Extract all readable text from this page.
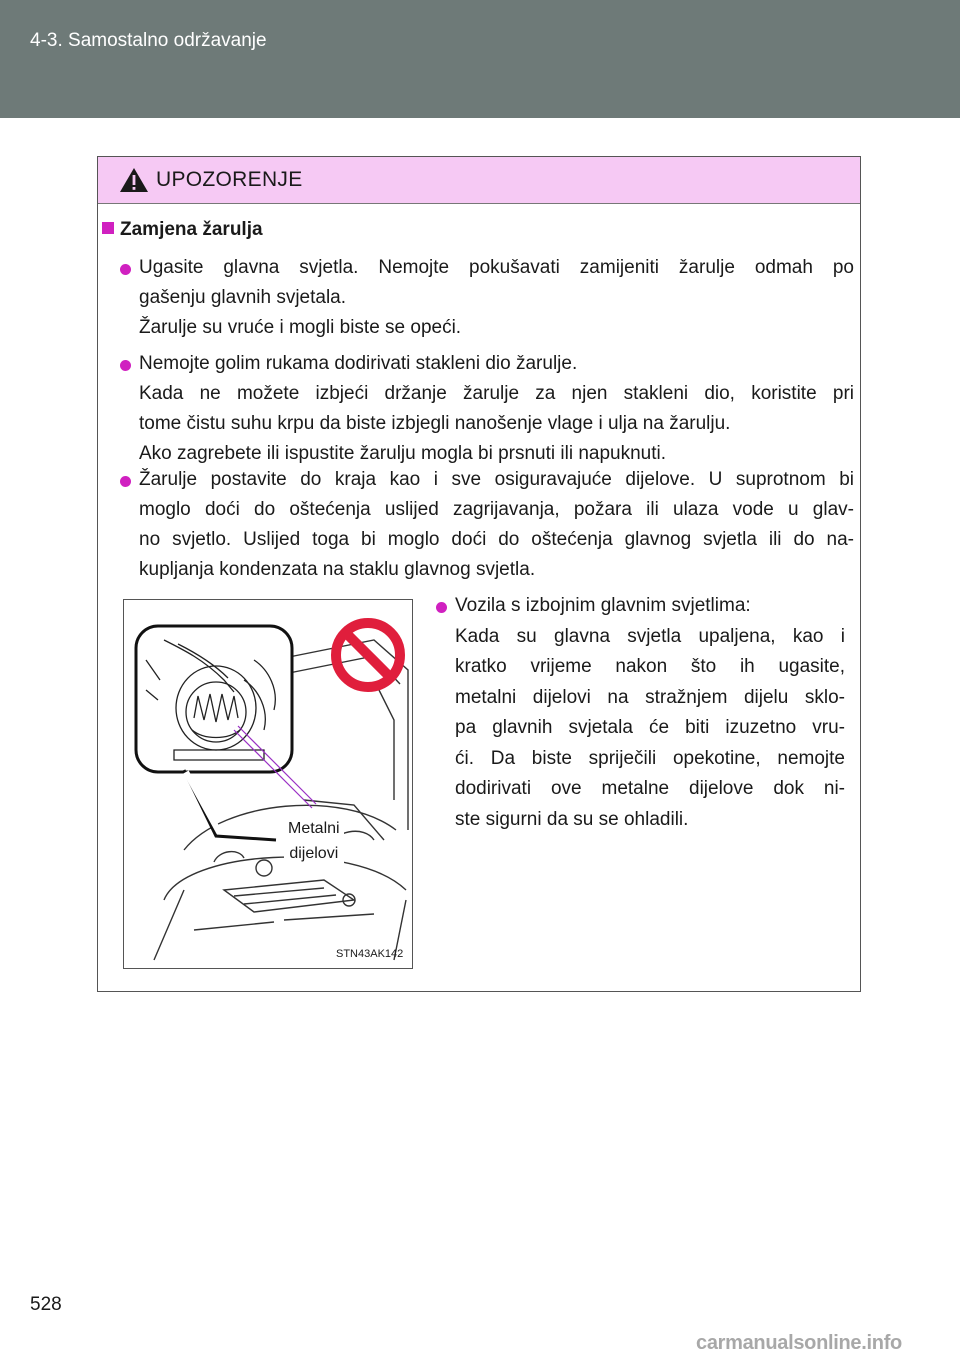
4-3. Samostalno održavanje
UPOZORENJE
Zamjena žarulja
Ugasite glavna svjetla. Nemojte pokušavati zamijeniti žarulje odmah po
gašenju glavnih svjetala.
Žarulje su vruće i mogli biste se opeći.
Nemojte golim rukama dodirivati stakleni dio žarulje.
Kada ne možete izbjeći držanje žarulje za njen stakleni dio, koristite pri
tome čistu suhu krpu da biste izbjegli nanošenje vlage i ulja na žarulju.
Ako zagrebete ili ispustite žarulju mogla bi prsnuti ili napuknuti.
Žarulje postavite do kraja kao i sve osiguravajuće dijelove. U suprotnom bi
moglo doći do oštećenja uslijed zagrijavanja, požara ili ulaza vode u glav-
no svjetlo. Uslijed toga bi moglo doći do oštećenja glavnog svjetla ili do na-
kupljanja kondenzata na staklu glavnog svjetla.
Metalni
dijelovi
STN43AK142
Vozila s izbojnim glavnim svjetlima:
Kada su glavna svjetla upaljena, kao i
kratko vrijeme nakon što ih ugasite,
metalni dijelovi na stražnjem dijelu sklo-
pa glavnih svjetala će biti izuzetno vru-
ći. Da biste spriječili opekotine, nemojte
dodirivati ove metalne dijelove dok ni-
ste sigurni da su se ohladili.
528
carmanualsonline.info
